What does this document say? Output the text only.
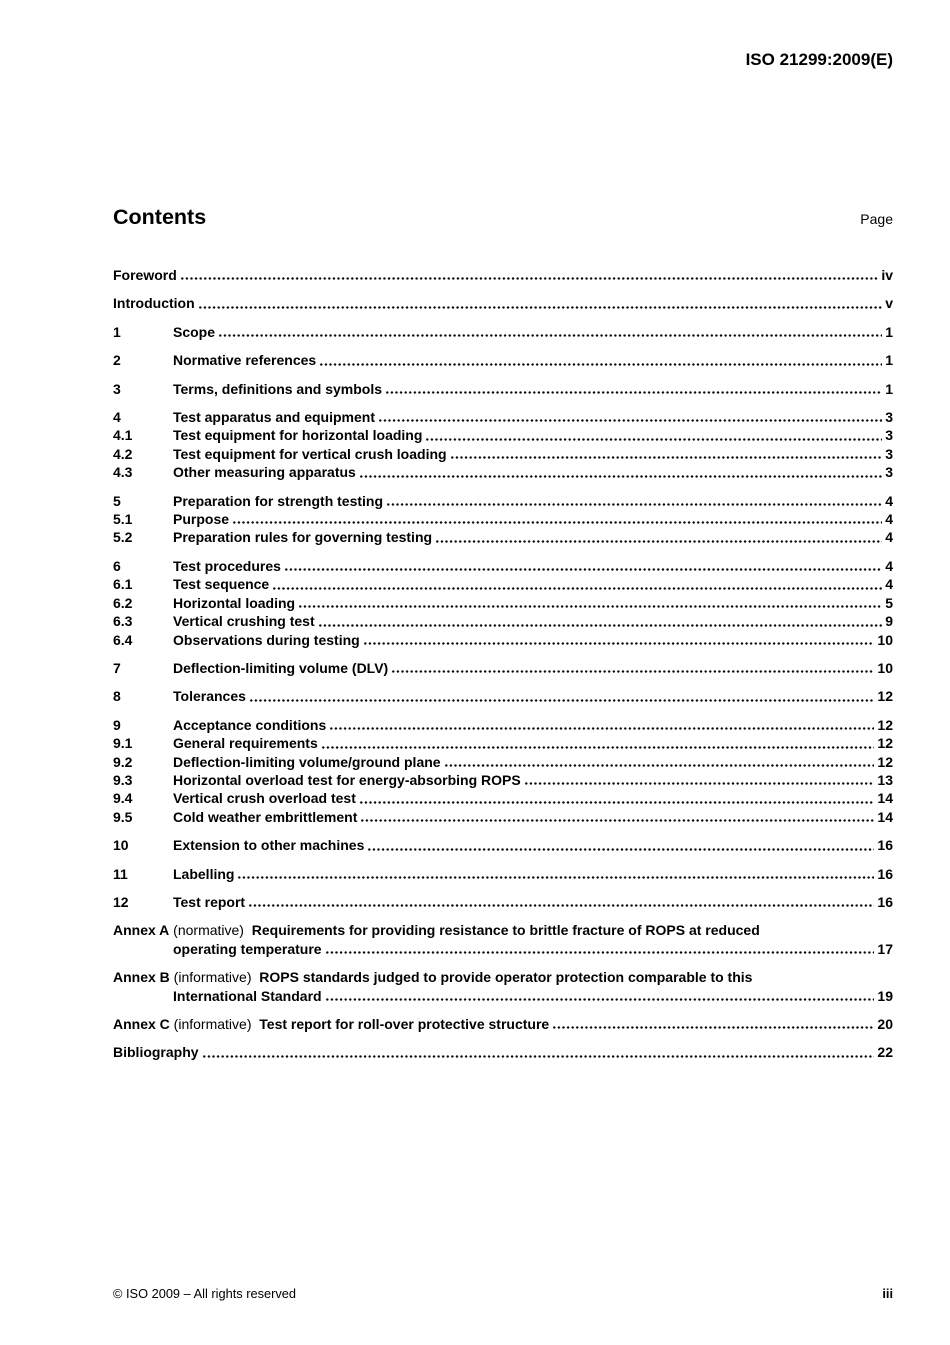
ISO 21299:2009(E)
Contents	Page
Foreword	iv
Introduction	v
1	Scope	1
2	Normative references	1
3	Terms, definitions and symbols	1
4	Test apparatus and equipment	3
4.1	Test equipment for horizontal loading	3
4.2	Test equipment for vertical crush loading	3
4.3	Other measuring apparatus	3
5	Preparation for strength testing	4
5.1	Purpose	4
5.2	Preparation rules for governing testing	4
6	Test procedures	4
6.1	Test sequence	4
6.2	Horizontal loading	5
6.3	Vertical crushing test	9
6.4	Observations during testing	10
7	Deflection-limiting volume (DLV)	10
8	Tolerances	12
9	Acceptance conditions	12
9.1	General requirements	12
9.2	Deflection-limiting volume/ground plane	12
9.3	Horizontal overload test for energy-absorbing ROPS	13
9.4	Vertical crush overload test	14
9.5	Cold weather embrittlement	14
10	Extension to other machines	16
11	Labelling	16
12	Test report	16
Annex A (normative) Requirements for providing resistance to brittle fracture of ROPS at reduced
operating temperature	17
Annex B (informative) ROPS standards judged to provide operator protection comparable to this
International Standard	19
Annex C (informative) Test report for roll-over protective structure	20
Bibliography	22
© ISO 2009 – All rights reserved	iii
